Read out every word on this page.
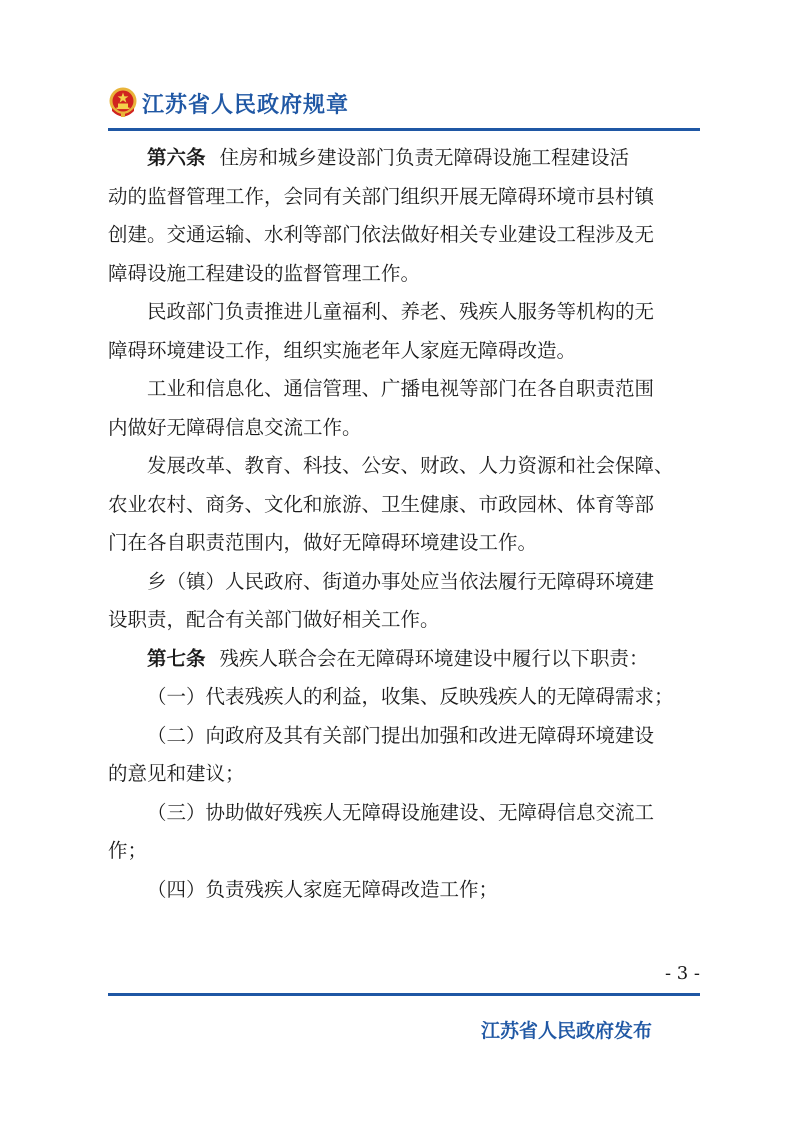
江苏省人民政府规章

第六条 住房和城乡建设部门负责无障碍设施工程建设活
动的监督管理工作，会同有关部门组织开展无障碍环境市县村镇
创建。交通运输、水利等部门依法做好相关专业建设工程涉及无
障碍设施工程建设的监督管理工作。

民政部门负责推进儿童福利、养老、残疾人服务等机构的无
障碍环境建设工作，组织实施老年人家庭无障碍改造。

工业和信息化、通信管理、广播电视等部门在各自职责范围
内做好无障碍信息交流工作。

发展改革、教育、科技、公安、财政、人力资源和社会保障、
农业农村、商务、文化和旅游、卫生健康、市政园林、体育等部
门在各自职责范围内，做好无障碍环境建设工作。

乡（镇）人民政府、街道办事处应当依法履行无障碍环境建
设职责，配合有关部门做好相关工作。

第七条 残疾人联合会在无障碍环境建设中履行以下职责：

（一）代表残疾人的利益，收集、反映残疾人的无障碍需求；

（二）向政府及其有关部门提出加强和改进无障碍环境建设
的意见和建议；

（三）协助做好残疾人无障碍设施建设、无障碍信息交流工
作；

（四）负责残疾人家庭无障碍改造工作；

- 3 -
江苏省人民政府发布
